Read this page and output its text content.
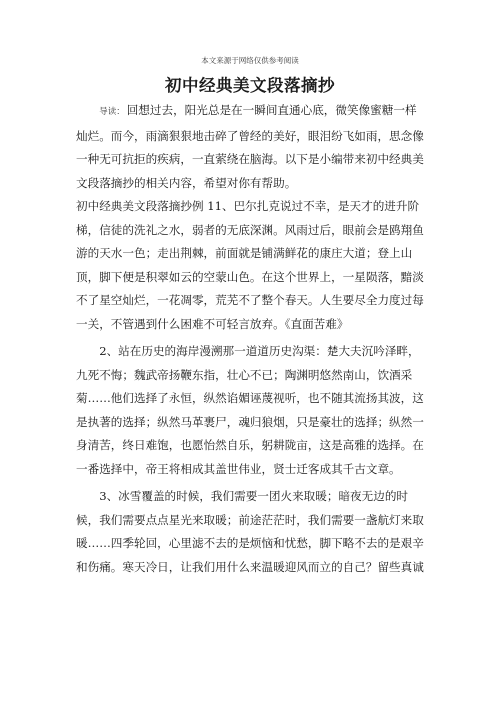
本文来源于网络仅供参考阅读
初中经典美文段落摘抄

导读： 回想过去，阳光总是在一瞬间直通心底，微笑像蜜糖一样灿烂。而今，雨滴狠狠地击碎了曾经的美好，眼泪纷飞如雨，思念像一种无可抗拒的疾病，一直萦绕在脑海。以下是小编带来初中经典美文段落摘抄的相关内容，希望对你有帮助。

初中经典美文段落摘抄例 11、巴尔扎克说过不幸，是天才的进升阶梯，信徒的洗礼之水，弱者的无底深渊。风雨过后，眼前会是鸥翔鱼游的天水一色；走出荆棘，前面就是铺满鲜花的康庄大道；登上山顶，脚下便是积翠如云的空蒙山色。在这个世界上，一星陨落，黯淡不了星空灿烂，一花凋零，荒芜不了整个春天。人生要尽全力度过每一关，不管遇到什么困难不可轻言放弃。《直面苦难》

2、站在历史的海岸漫溯那一道道历史沟渠：楚大夫沉吟泽畔，九死不悔；魏武帝扬鞭东指，壮心不已；陶渊明悠然南山，饮酒采菊……他们选择了永恒，纵然谄媚诬蔑视听，也不随其流扬其波，这是执著的选择；纵然马革裹尸，魂归狼烟，只是豪壮的选择；纵然一身清苦，终日难饱，也愿怡然自乐，躬耕陇亩，这是高雅的选择。在一番选择中，帝王将相成其盖世伟业，贤士迁客成其千古文章。

3、冰雪覆盖的时候，我们需要一团火来取暖；暗夜无边的时候，我们需要点点星光来取暖；前途茫茫时，我们需要一盏航灯来取暖……四季轮回，心里滤不去的是烦恼和忧愁，脚下略不去的是艰辛和伤痛。寒天冷日，让我们用什么来温暖迎风而立的自己？留些真诚
